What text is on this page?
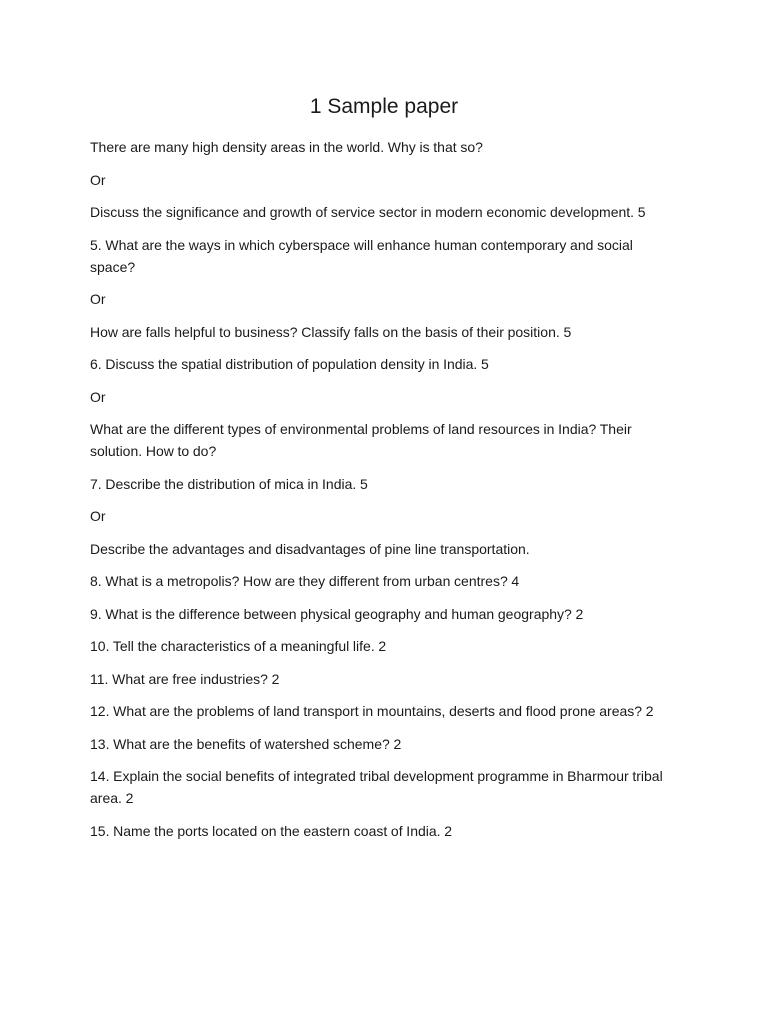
1 Sample paper

There are many high density areas in the world. Why is that so?

Or

Discuss the significance and growth of service sector in modern economic development. 5

5. What are the ways in which cyberspace will enhance human contemporary and social space?

Or

How are falls helpful to business? Classify falls on the basis of their position. 5

6. Discuss the spatial distribution of population density in India. 5

Or

What are the different types of environmental problems of land resources in India? Their solution. How to do?

7. Describe the distribution of mica in India. 5

Or

Describe the advantages and disadvantages of pine line transportation.

8. What is a metropolis? How are they different from urban centres? 4

9. What is the difference between physical geography and human geography? 2

10. Tell the characteristics of a meaningful life. 2

11. What are free industries? 2

12. What are the problems of land transport in mountains, deserts and flood prone areas? 2

13. What are the benefits of watershed scheme? 2

14. Explain the social benefits of integrated tribal development programme in Bharmour tribal area. 2

15. Name the ports located on the eastern coast of India. 2
